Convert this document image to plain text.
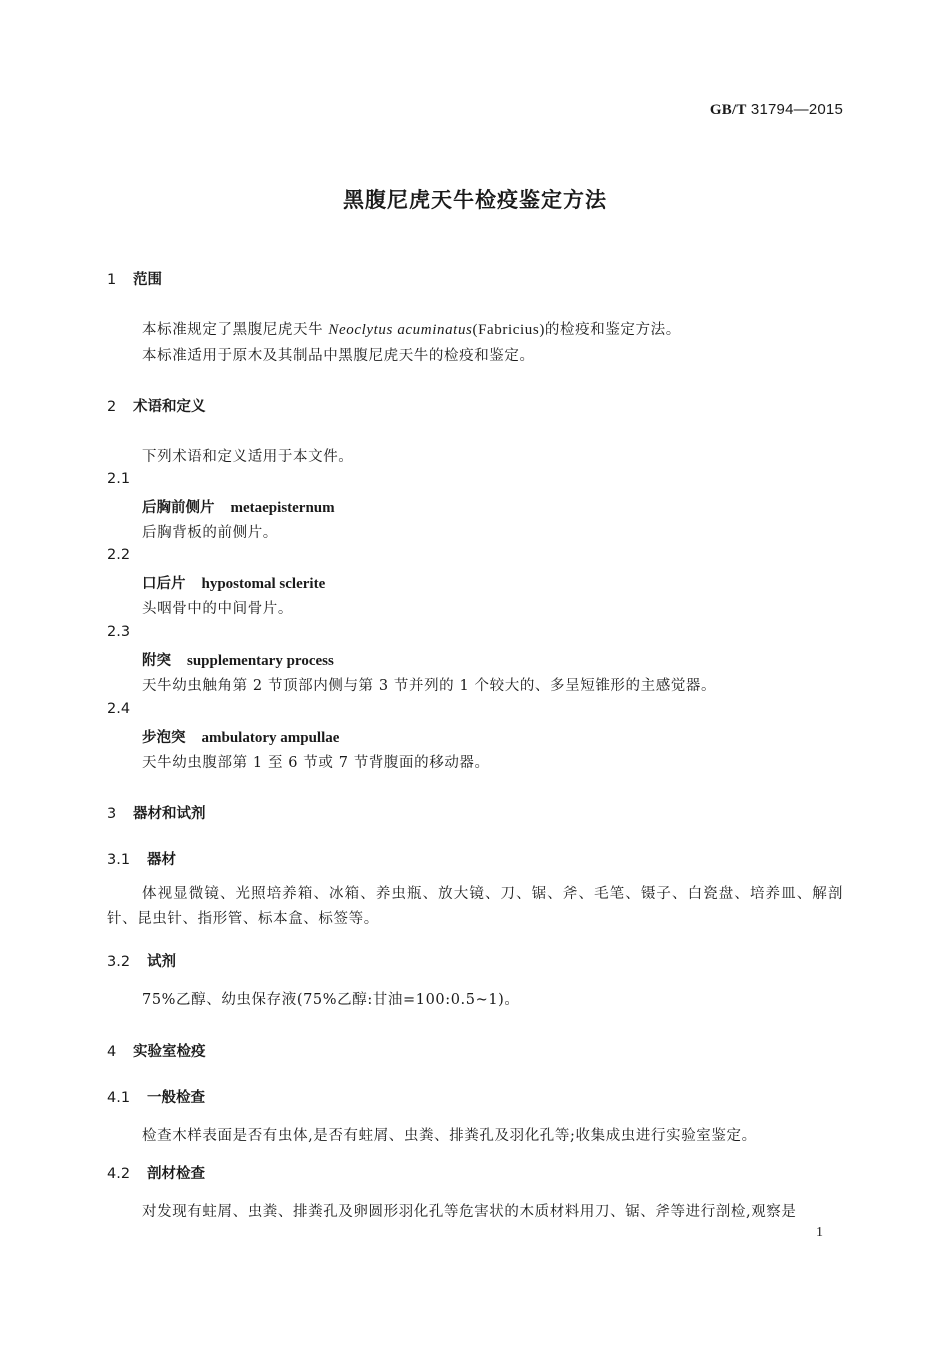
GB/T 31794—2015
黑腹尼虎天牛检疫鉴定方法
1 范围
本标准规定了黑腹尼虎天牛 Neoclytus acuminatus(Fabricius)的检疫和鉴定方法。
本标准适用于原木及其制品中黑腹尼虎天牛的检疫和鉴定。
2 术语和定义
下列术语和定义适用于本文件。
2.1
后胸前侧片 metaepisternum
后胸背板的前侧片。
2.2
口后片 hypostomal sclerite
头咽骨中的中间骨片。
2.3
附突 supplementary process
天牛幼虫触角第 2 节顶部内侧与第 3 节并列的 1 个较大的、多呈短锥形的主感觉器。
2.4
步泡突 ambulatory ampullae
天牛幼虫腹部第 1 至 6 节或 7 节背腹面的移动器。
3 器材和试剂
3.1 器材
体视显微镜、光照培养箱、冰箱、养虫瓶、放大镜、刀、锯、斧、毛笔、镊子、白瓷盘、培养皿、解剖针、昆虫针、指形管、标本盒、标签等。
3.2 试剂
75%乙醇、幼虫保存液(75%乙醇:甘油=100:0.5~1)。
4 实验室检疫
4.1 一般检查
检查木样表面是否有虫体,是否有蛀屑、虫粪、排粪孔及羽化孔等;收集成虫进行实验室鉴定。
4.2 剖材检查
对发现有蛀屑、虫粪、排粪孔及卵圆形羽化孔等危害状的木质材料用刀、锯、斧等进行剖检,观察是
1
